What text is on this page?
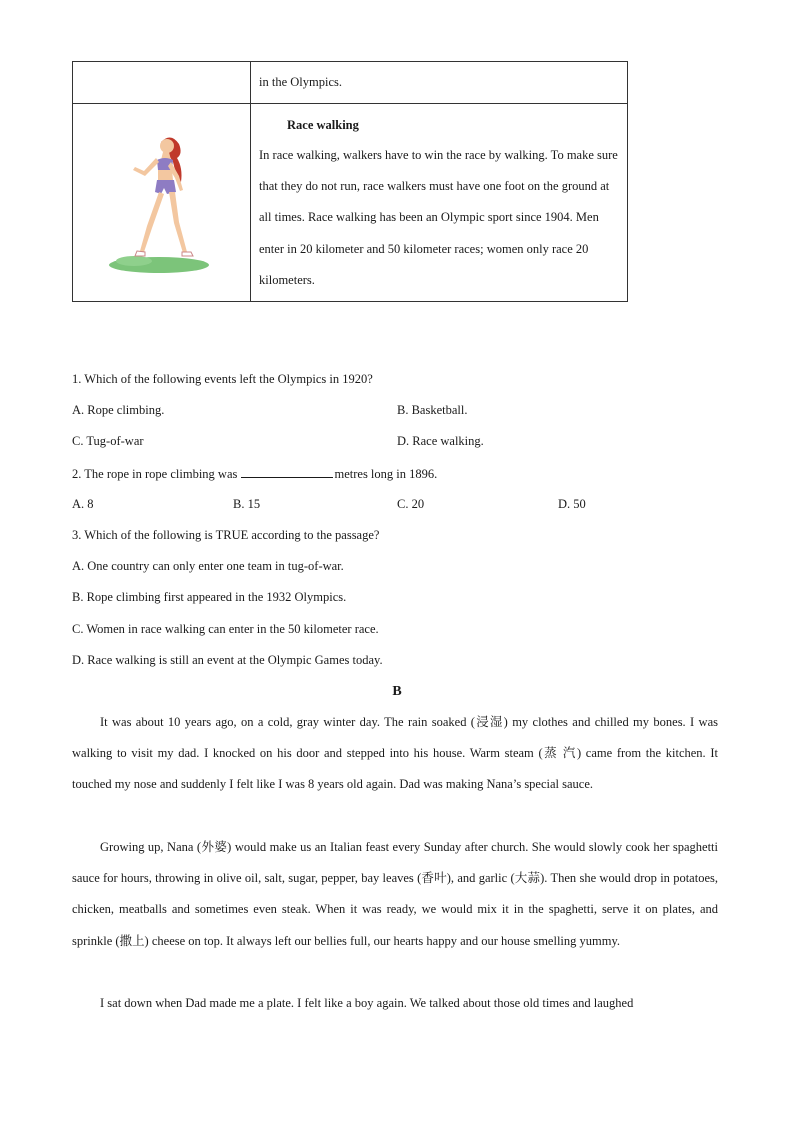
	in the Olympics.

Race walking
In race walking, walkers have to win the race by walking. To make sure that they do not run, race walkers must have one foot on the ground at all times. Race walking has been an Olympic sport since 1904. Men enter in 20 kilometer and 50 kilometer races; women only race 20 kilometers.
1. Which of the following events left the Olympics in 1920?
A. Rope climbing.	B. Basketball.
C. Tug-of-war	D. Race walking.
2. The rope in rope climbing was	metres long in 1896.
A. 8	B. 15	C. 20	D. 50
3. Which of the following is TRUE according to the passage?
A. One country can only enter one team in tug-of-war.
B. Rope climbing first appeared in the 1932 Olympics.
C. Women in race walking can enter in the 50 kilometer race.
D. Race walking is still an event at the Olympic Games today.
B
It was about 10 years ago, on a cold, gray winter day. The rain soaked (浸湿) my clothes and chilled my bones. I was walking to visit my dad. I knocked on his door and stepped into his house. Warm steam (蒸 汽) came from the kitchen. It touched my nose and suddenly I felt like I was 8 years old again. Dad was making Nana’s special sauce.
Growing up, Nana (外婆) would make us an Italian feast every Sunday after church. She would slowly cook her spaghetti sauce for hours, throwing in olive oil, salt, sugar, pepper, bay leaves (香叶), and garlic (大蒜). Then she would drop in potatoes, chicken, meatballs and sometimes even steak. When it was ready, we would mix it in the spaghetti, serve it on plates, and sprinkle (撒上) cheese on top. It always left our bellies full, our hearts happy and our house smelling yummy.
I sat down when Dad made me a plate. I felt like a boy again. We talked about those old times and laughed
